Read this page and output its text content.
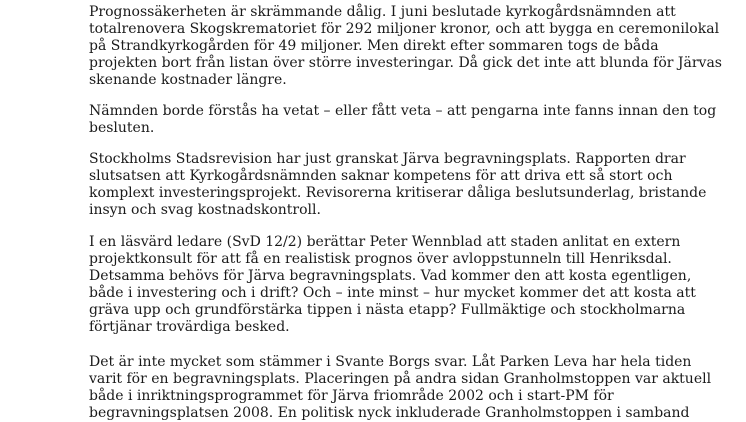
Prognossäkerheten är skrämmande dålig. I juni beslutade kyrkogårdsnämnden att
totalrenovera Skogskrematoriet för 292 miljoner kronor, och att bygga en ceremonilokal
på Strandkyrkogården för 49 miljoner. Men direkt efter sommaren togs de båda
projekten bort från listan över större investeringar. Då gick det inte att blunda för Järvas
skenande kostnader längre.
Nämnden borde förstås ha vetat – eller fått veta – att pengarna inte fanns innan den tog
besluten.
Stockholms Stadsrevision har just granskat Järva begravningsplats. Rapporten drar
slutsatsen att Kyrkogårdsnämnden saknar kompetens för att driva ett så stort och
komplext investeringsprojekt. Revisorerna kritiserar dåliga beslutsunderlag, bristande
insyn och svag kostnadskontroll.
I en läsvärd ledare (SvD 12/2) berättar Peter Wennblad att staden anlitat en extern
projektkonsult för att få en realistisk prognos över avloppstunneln till Henriksdal.
Detsamma behövs för Järva begravningsplats. Vad kommer den att kosta egentligen,
både i investering och i drift? Och – inte minst – hur mycket kommer det att kosta att
gräva upp och grundförstärka tippen i nästa etapp? Fullmäktige och stockholmarna
förtjänar trovärdiga besked.
Det är inte mycket som stämmer i Svante Borgs svar. Låt Parken Leva har hela tiden
varit för en begravningsplats. Placeringen på andra sidan Granholmstoppen var aktuell
både i inriktningsprogrammet för Järva friområde 2002 och i start-PM för
begravningsplatsen 2008. En politisk nyck inkluderade Granholmstoppen i samband
